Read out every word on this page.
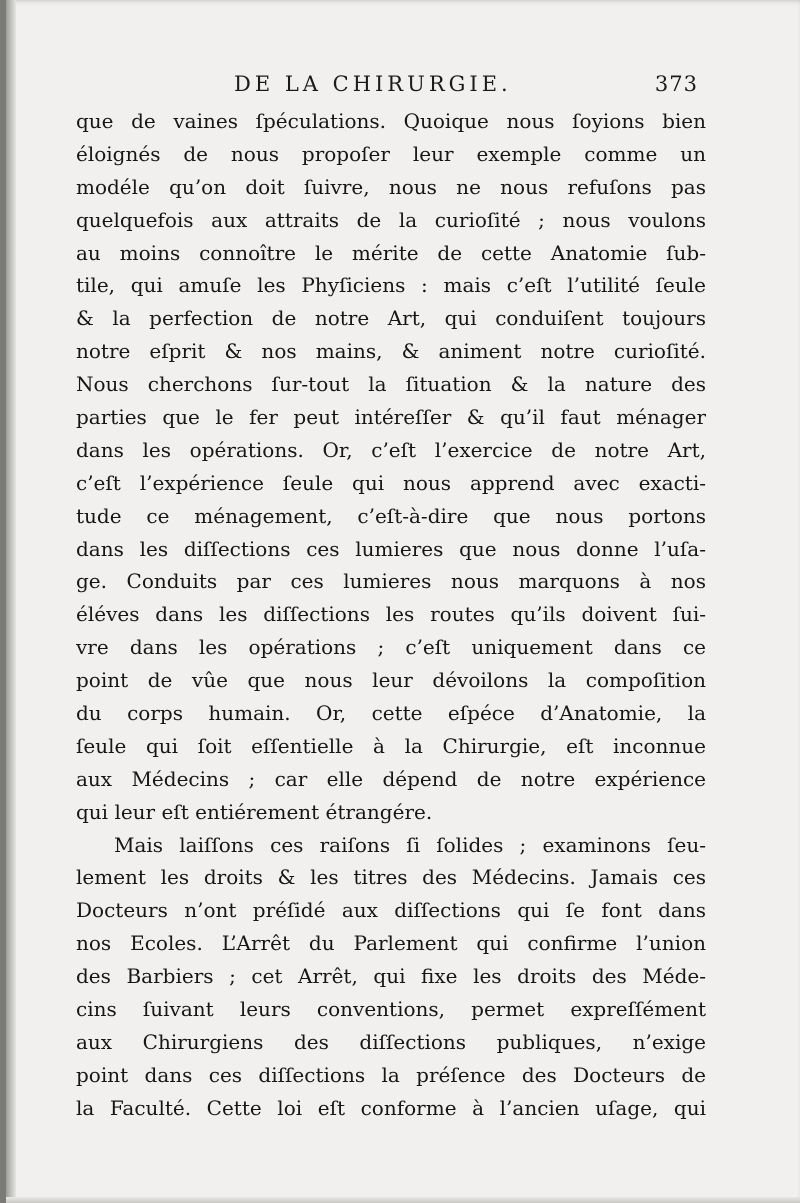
DE LA CHIRURGIE.	373
que de vaines ſpéculations. Quoique nous ſoyions bien
éloignés de nous propoſer leur exemple comme un
modéle qu’on doit ſuivre, nous ne nous refuſons pas
quelquefois aux attraits de la curioſité ; nous voulons
au moins connoître le mérite de cette Anatomie ſub-
tile, qui amuſe les Phyſiciens : mais c’eſt l’utilité ſeule
& la perfection de notre Art, qui conduiſent toujours
notre eſprit & nos mains, & animent notre curioſité.
Nous cherchons ſur-tout la ſituation & la nature des
parties que le fer peut intéreſſer & qu’il faut ménager
dans les opérations. Or, c’eſt l’exercice de notre Art,
c’eſt l’expérience ſeule qui nous apprend avec exacti-
tude ce ménagement, c’eſt-à-dire que nous portons
dans les diſſections ces lumieres que nous donne l’uſa-
ge. Conduits par ces lumieres nous marquons à nos
éléves dans les diſſections les routes qu’ils doivent ſui-
vre dans les opérations ; c’eſt uniquement dans ce
point de vûe que nous leur dévoilons la compoſition
du corps humain. Or, cette eſpéce d’Anatomie, la
ſeule qui ſoit eſſentielle à la Chirurgie, eſt inconnue
aux Médecins ; car elle dépend de notre expérience
qui leur eſt entiérement étrangére.
Mais laiſſons ces raiſons ſi ſolides ; examinons ſeu-
lement les droits & les titres des Médecins. Jamais ces
Docteurs n’ont préſidé aux diſſections qui ſe font dans
nos Ecoles. L’Arrêt du Parlement qui confirme l’union
des Barbiers ; cet Arrêt, qui fixe les droits des Méde-
cins ſuivant leurs conventions, permet expreſſément
aux Chirurgiens des diſſections publiques, n’exige
point dans ces diſſections la préſence des Docteurs de
la Faculté. Cette loi eſt conforme à l’ancien uſage, qui
